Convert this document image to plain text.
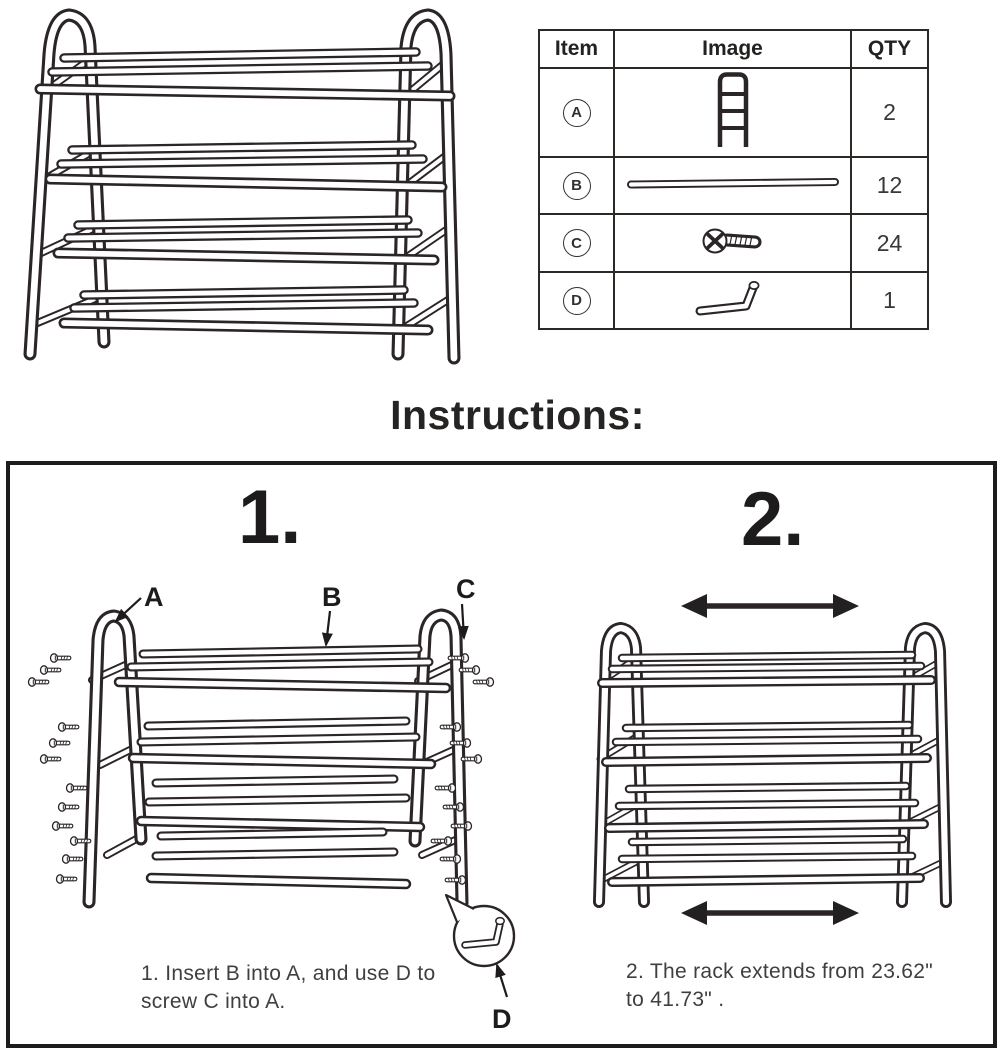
Item	Image	QTY
A		2
B		12
C		24
D		1
Instructions:
A	B	C
D
1.	2.
1. Insert B into A, and use D to
screw C into A.
2. The rack extends from 23.62"
to 41.73" .
